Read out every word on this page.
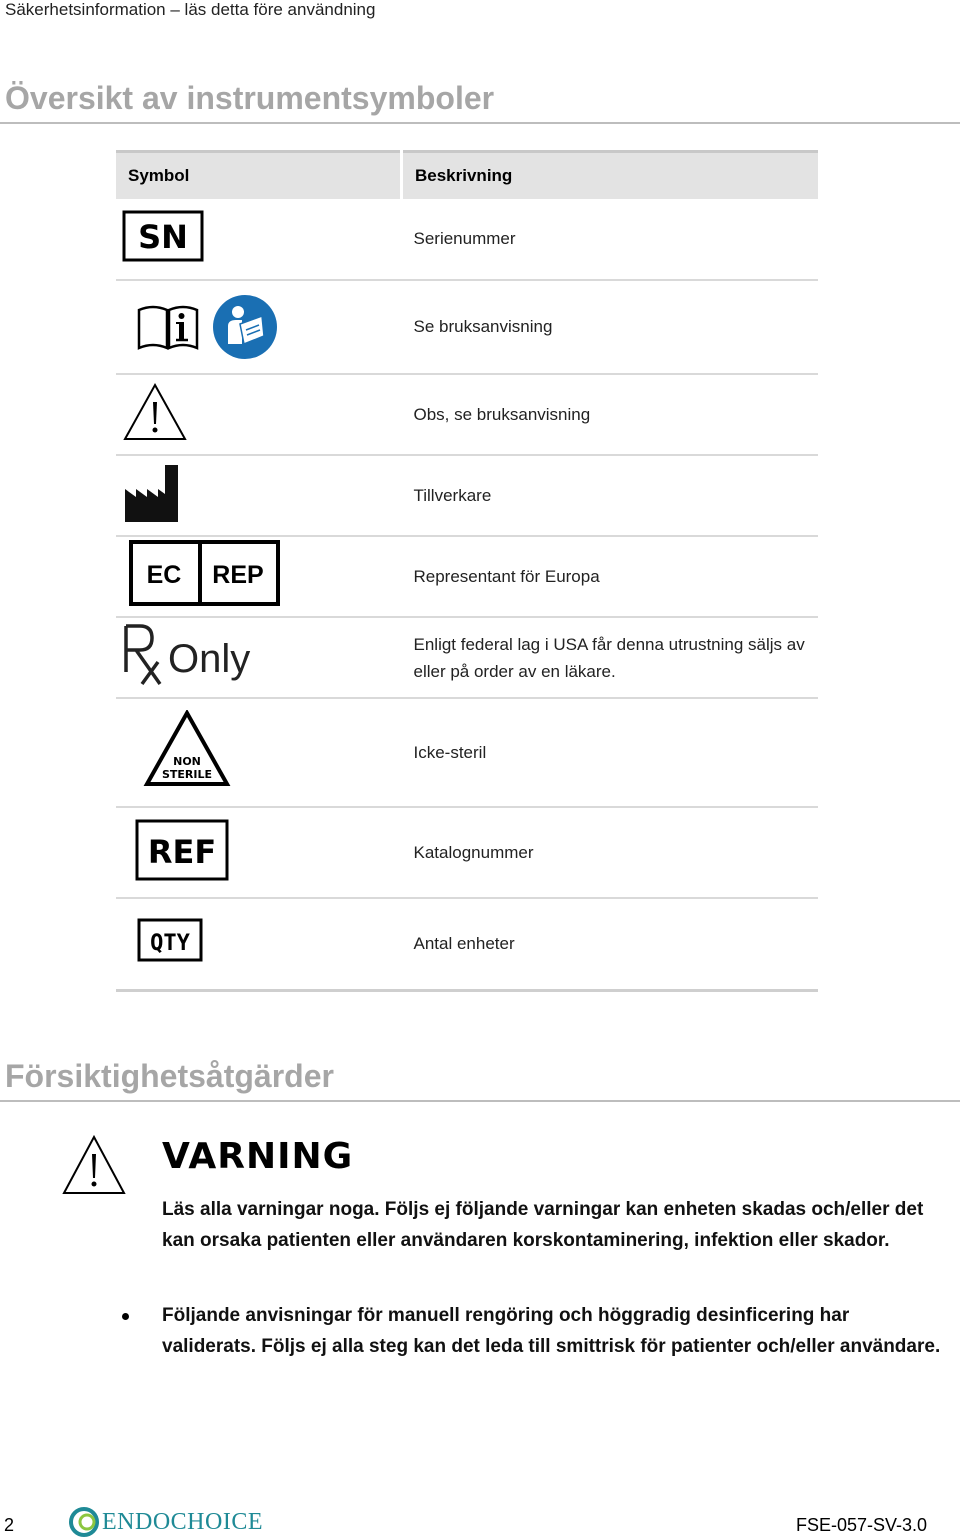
Säkerhetsinformation – läs detta före användning
Översikt av instrumentsymboler
Symbol	Beskrivning

SN	Serienummer

	Se bruksanvisning
	Obs, se bruksanvisning
	Tillverkare

EC REP	Representant för Europa

Only	Enligt federal lag i USA får denna utrustning säljs av eller på order av en läkare.

NON
STERILE	Icke-steril

REF	Katalognummer

QTY	Antal enheter
Försiktighetsåtgärder
VARNING
Läs alla varningar noga. Följs ej följande varningar kan enheten skadas och/eller det kan orsaka patienten eller användaren korskontaminering, infektion eller skador.
Följande anvisningar för manuell rengöring och höggradig desinficering har validerats. Följs ej alla steg kan det leda till smittrisk för patienter och/eller användare.
2	ENDOCHOICE	FSE-057-SV-3.0
